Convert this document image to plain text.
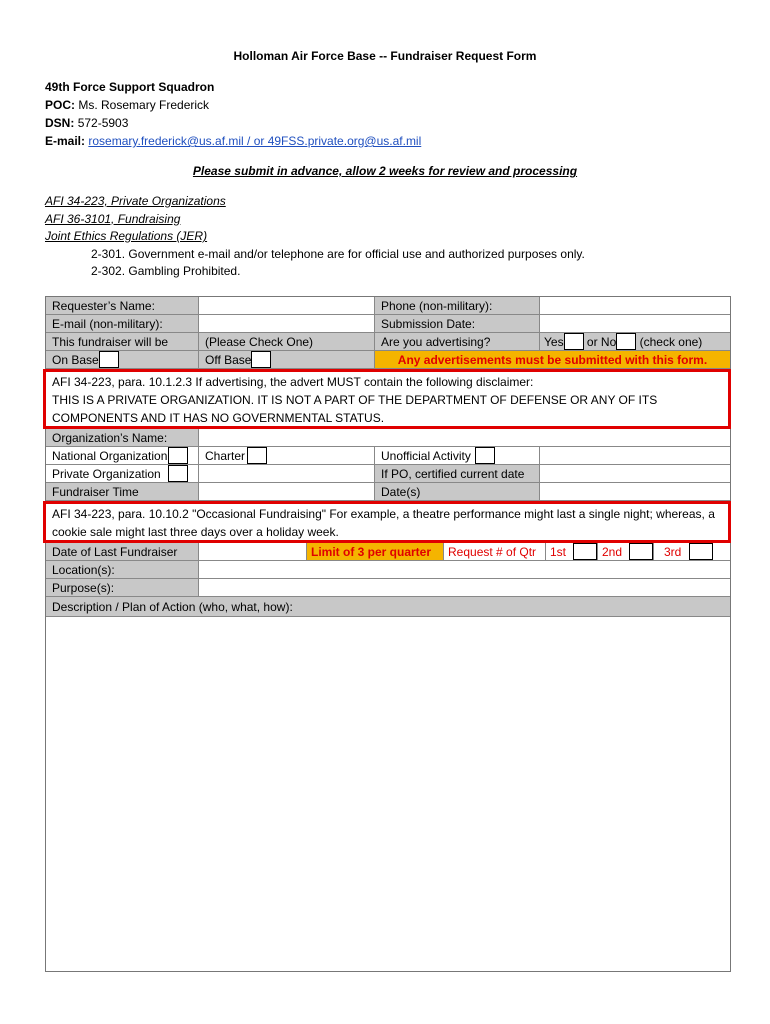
Holloman Air Force Base -- Fundraiser Request Form
49th Force Support Squadron
POC: Ms. Rosemary Frederick
DSN: 572-5903
E-mail: rosemary.frederick@us.af.mil / or 49FSS.private.org@us.af.mil
Please submit in advance, allow 2 weeks for review and processing
AFI 34-223, Private Organizations
AFI 36-3101, Fundraising
Joint Ethics Regulations (JER)
2-301. Government e-mail and/or telephone are for official use and authorized purposes only.
2-302. Gambling Prohibited.
Requester’s Name:	Phone (non-military):
E-mail (non-military):	Submission Date:
This fundraiser will be	(Please Check One)	Are you advertising?	Yes or No (check one)
On Base	Off Base	Any advertisements must be submitted with this form.
AFI 34-223, para. 10.1.2.3 If advertising, the advert MUST contain the following disclaimer:
THIS IS A PRIVATE ORGANIZATION. IT IS NOT A PART OF THE DEPARTMENT OF DEFENSE OR ANY OF ITS COMPONENTS AND IT HAS NO GOVERNMENTAL STATUS.
Organization’s Name:
National Organization	Charter	Unofficial Activity
Private Organization	If PO, certified current date
Fundraiser Time	Date(s)
AFI 34-223, para. 10.10.2 "Occasional Fundraising" For example, a theatre performance might last a single night; whereas, a cookie sale might last three days over a holiday week.
Date of Last Fundraiser	Limit of 3 per quarter	Request # of Qtr	1st	2nd	3rd
Location(s):
Purpose(s):
Description / Plan of Action (who, what, how):
